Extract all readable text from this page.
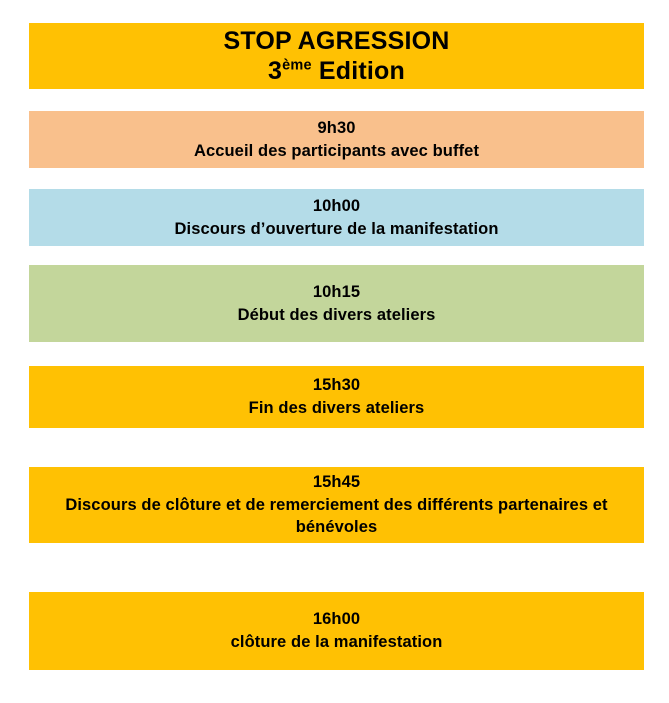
STOP AGRESSION
3ème Edition
9h30
Accueil des participants avec buffet
10h00
Discours d’ouverture de la manifestation
10h15
Début des divers ateliers
15h30
Fin des divers ateliers
15h45
Discours de clôture et de remerciement des différents partenaires et bénévoles
16h00
clôture de la manifestation
